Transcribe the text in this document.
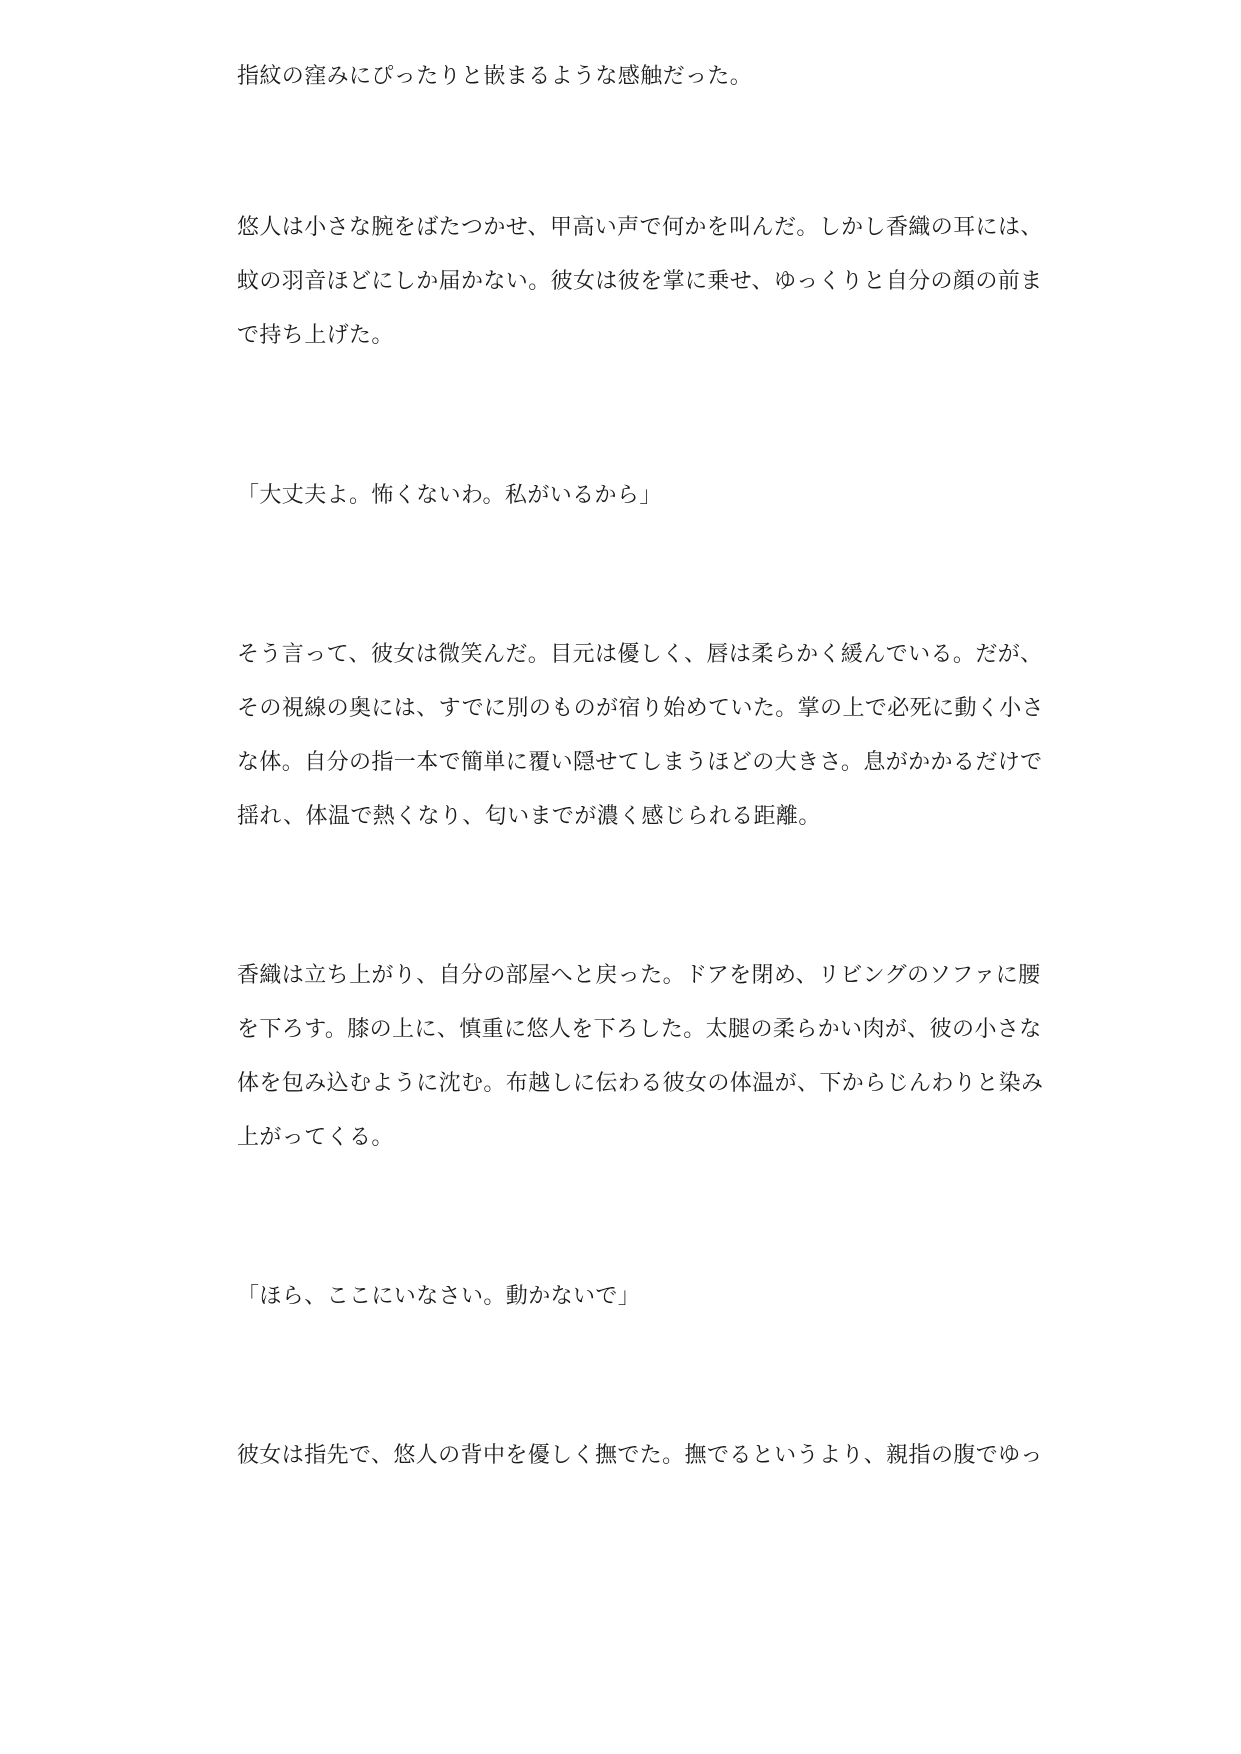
指紋の窪みにぴったりと嵌まるような感触だった。
悠人は小さな腕をばたつかせ、甲高い声で何かを叫んだ。しかし香織の耳には、
蚊の羽音ほどにしか届かない。彼女は彼を掌に乗せ、ゆっくりと自分の顔の前ま
で持ち上げた。
「大丈夫よ。怖くないわ。私がいるから」
そう言って、彼女は微笑んだ。目元は優しく、唇は柔らかく緩んでいる。だが、
その視線の奥には、すでに別のものが宿り始めていた。掌の上で必死に動く小さ
な体。自分の指一本で簡単に覆い隠せてしまうほどの大きさ。息がかかるだけで
揺れ、体温で熱くなり、匂いまでが濃く感じられる距離。
香織は立ち上がり、自分の部屋へと戻った。ドアを閉め、リビングのソファに腰
を下ろす。膝の上に、慎重に悠人を下ろした。太腿の柔らかい肉が、彼の小さな
体を包み込むように沈む。布越しに伝わる彼女の体温が、下からじんわりと染み
上がってくる。
「ほら、ここにいなさい。動かないで」
彼女は指先で、悠人の背中を優しく撫でた。撫でるというより、親指の腹でゆっ
